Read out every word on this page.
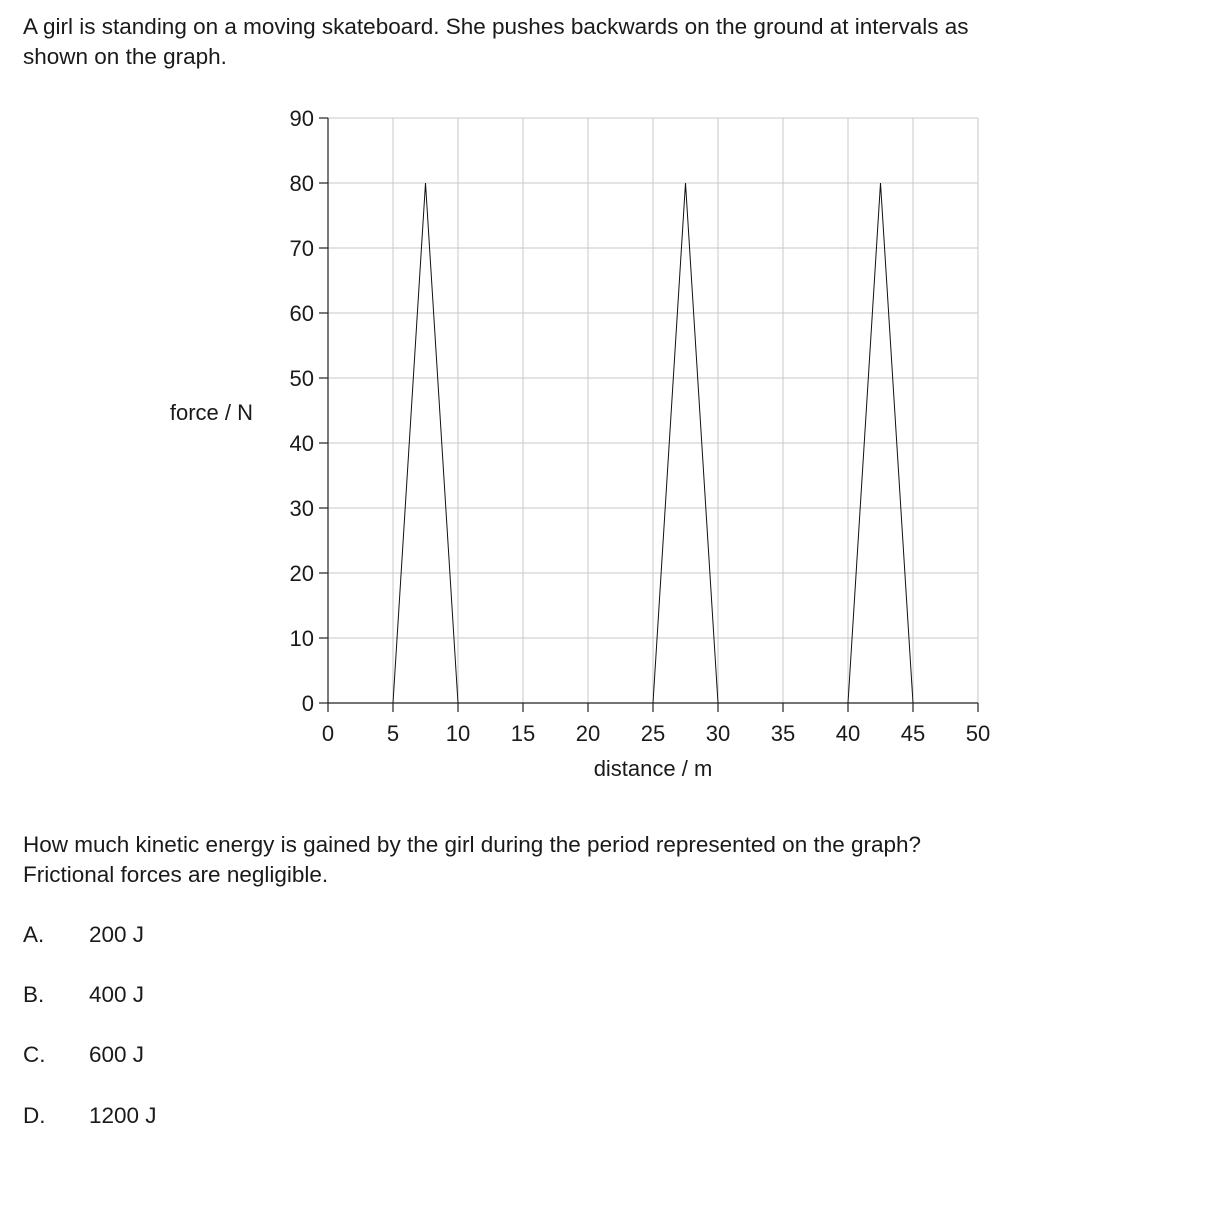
A girl is standing on a moving skateboard. She pushes backwards on the ground at intervals as
shown on the graph.
0
10
20
30
40
50
60
70
80
90
0 5 10 15 20 25 30 35 40 45 50
force / N
distance / m
How much kinetic energy is gained by the girl during the period represented on the graph?
Frictional forces are negligible.
A.	200 J
B.	400 J
C.	600 J
D.	1200 J
